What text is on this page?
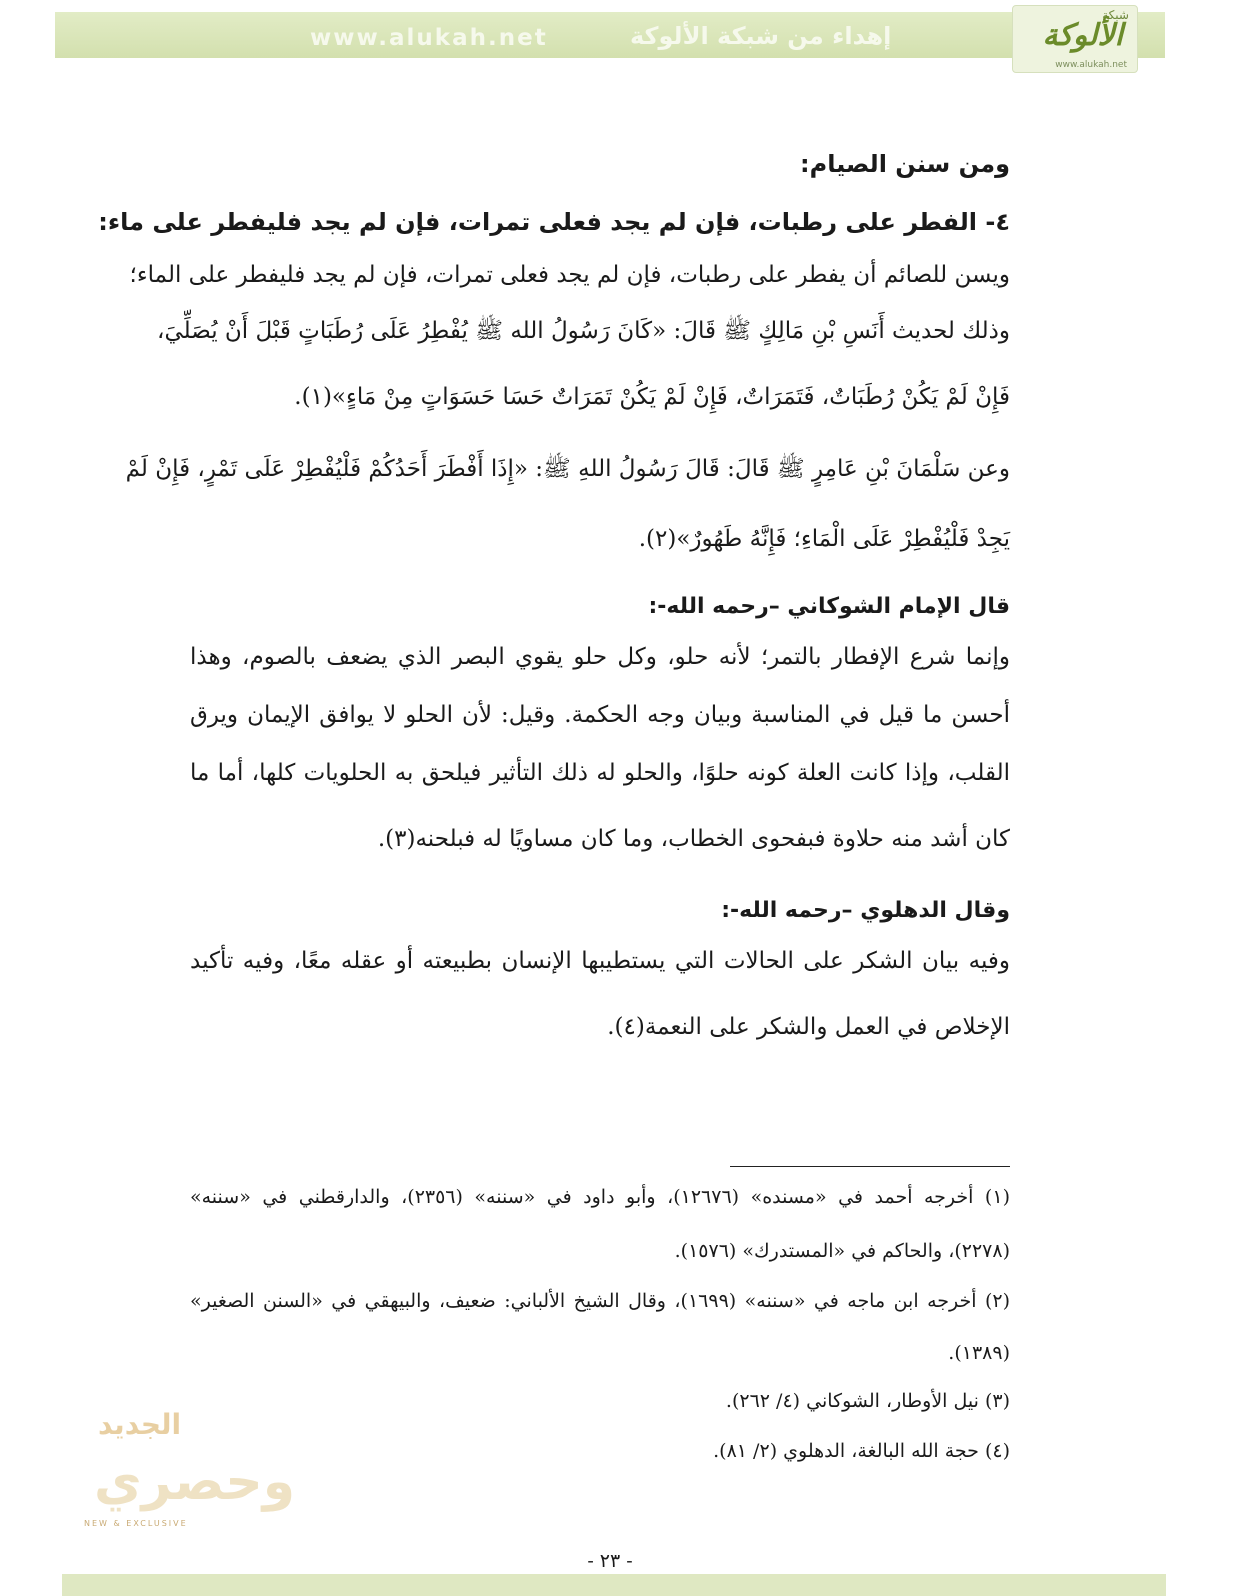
www.alukah.net	إهداء من شبكة الألوكة
شبكة
الألوكة
www.alukah.net
ومن سنن الصيام:
٤- الفطر على رطبات، فإن لم يجد فعلى تمرات، فإن لم يجد فليفطر على ماء:
ويسن للصائم أن يفطر على رطبات، فإن لم يجد فعلى تمرات، فإن لم يجد فليفطر على الماء؛
وذلك لحديث أَنَسِ بْنِ مَالِكٍ ﷺ قَالَ: «كَانَ رَسُولُ الله ﷺ يُفْطِرُ عَلَى رُطَبَاتٍ قَبْلَ أَنْ يُصَلِّيَ،
فَإِنْ لَمْ يَكُنْ رُطَبَاتٌ، فَتَمَرَاتٌ، فَإِنْ لَمْ يَكُنْ تَمَرَاتٌ حَسَا حَسَوَاتٍ مِنْ مَاءٍ»(١).
وعن سَلْمَانَ بْنِ عَامِرٍ ﷺ قَالَ: قَالَ رَسُولُ اللهِ ﷺ: «إِذَا أَفْطَرَ أَحَدُكُمْ فَلْيُفْطِرْ عَلَى تَمْرٍ، فَإِنْ لَمْ
يَجِدْ فَلْيُفْطِرْ عَلَى الْمَاءِ؛ فَإِنَّهُ طَهُورٌ»(٢).
قال الإمام الشوكاني –رحمه الله-:
وإنما شرع الإفطار بالتمر؛ لأنه حلو، وكل حلو يقوي البصر الذي يضعف بالصوم، وهذا
أحسن ما قيل في المناسبة وبيان وجه الحكمة. وقيل: لأن الحلو لا يوافق الإيمان ويرق
القلب، وإذا كانت العلة كونه حلوًا، والحلو له ذلك التأثير فيلحق به الحلويات كلها، أما ما
كان أشد منه حلاوة فبفحوى الخطاب، وما كان مساويًا له فبلحنه(٣).
وقال الدهلوي –رحمه الله-:
وفيه بيان الشكر على الحالات التي يستطيبها الإنسان بطبيعته أو عقله معًا، وفيه تأكيد
الإخلاص في العمل والشكر على النعمة(٤).
(١) أخرجه أحمد في «مسنده» (١٢٦٧٦)، وأبو داود في «سننه» (٢٣٥٦)، والدارقطني في «سننه»
(٢٢٧٨)، والحاكم في «المستدرك» (١٥٧٦).
(٢) أخرجه ابن ماجه في «سننه» (١٦٩٩)، وقال الشيخ الألباني: ضعيف، والبيهقي في «السنن الصغير»
(١٣٨٩).
(٣) نيل الأوطار، الشوكاني (٤/ ٢٦٢).
(٤) حجة الله البالغة، الدهلوي (٢/ ٨١).
الجديد
وحصري
NEW & EXCLUSIVE
- ٢٣ -
